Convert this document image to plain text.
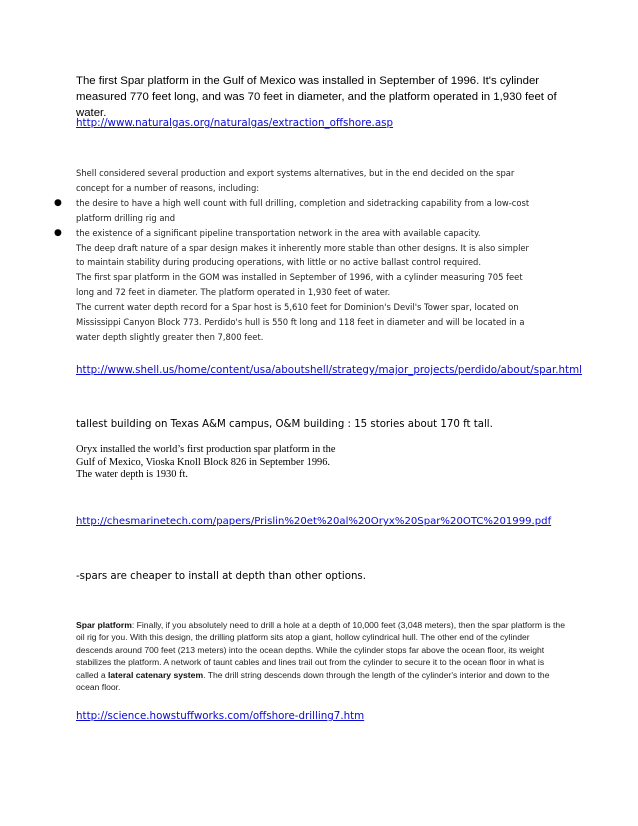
The first Spar platform in the Gulf of Mexico was installed in September of 1996. It's cylinder measured 770 feet long, and was 70 feet in diameter, and the platform operated in 1,930 feet of water.
http://www.naturalgas.org/naturalgas/extraction_offshore.asp

Shell considered several production and export systems alternatives, but in the end decided on the spar

concept for a number of reasons, including:

● the desire to have a high well count with full drilling, completion and sidetracking capability from a low-cost

platform drilling rig and

● the existence of a significant pipeline transportation network in the area with available capacity.

The deep draft nature of a spar design makes it inherently more stable than other designs. It is also simpler

to maintain stability during producing operations, with little or no active ballast control required.

The first spar platform in the GOM was installed in September of 1996, with a cylinder measuring 705 feet

long and 72 feet in diameter. The platform operated in 1,930 feet of water.

The current water depth record for a Spar host is 5,610 feet for Dominion's Devil's Tower spar, located on

Mississippi Canyon Block 773. Perdido's hull is 550 ft long and 118 feet in diameter and will be located in a

water depth slightly greater then 7,800 feet.

http://www.shell.us/home/content/usa/aboutshell/strategy/major_projects/perdido/about/spar.html
tallest building on Texas A&M campus, O&M building : 15 stories about 170 ft tall.
Oryx installed the world’s first production spar platform in the
Gulf of Mexico, Vioska Knoll Block 826 in September 1996.
The water depth is 1930 ft.
http://chesmarinetech.com/papers/Prislin%20et%20al%20Oryx%20Spar%20OTC%201999.pdf
-spars are cheaper to install at depth than other options.
Spar platform: Finally, if you absolutely need to drill a hole at a depth of 10,000 feet (3,048 meters), then the spar platform is the oil rig for you. With this design, the drilling platform sits atop a giant, hollow cylindrical hull. The other end of the cylinder descends around 700 feet (213 meters) into the ocean depths. While the cylinder stops far above the ocean floor, its weight stabilizes the platform. A network of taunt cables and lines trail out from the cylinder to secure it to the ocean floor in what is called a lateral catenary system. The drill string descends down through the length of the cylinder's interior and down to the ocean floor.
http://science.howstuffworks.com/offshore-drilling7.htm
